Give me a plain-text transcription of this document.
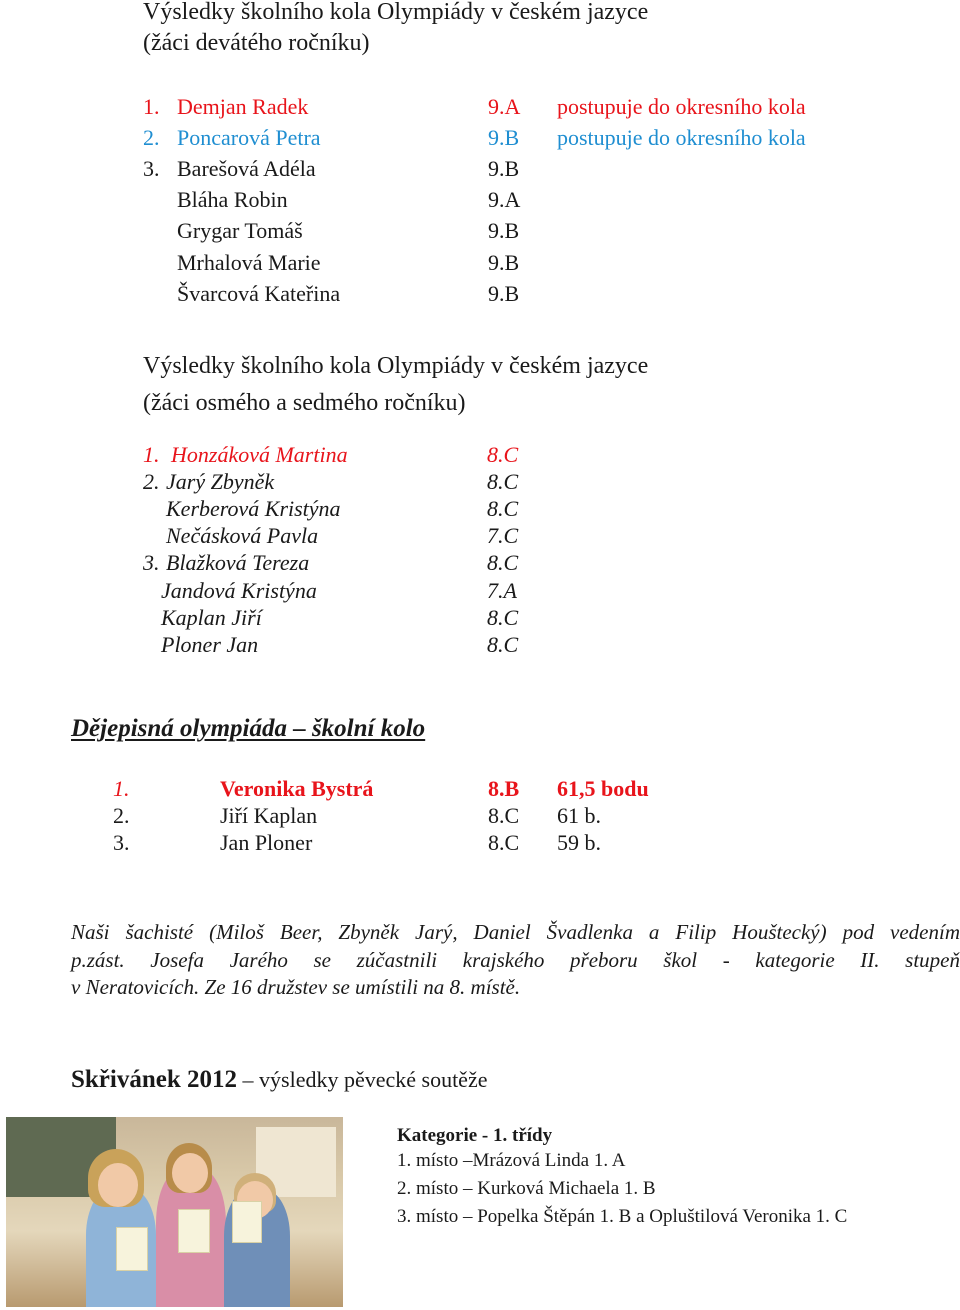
Výsledky školního kola Olympiády v českém jazyce
(žáci devátého ročníku)
1. Demjan Radek	9.A postupuje do okresního kola
2. Poncarová Petra	9.B postupuje do okresního kola
3. Barešová Adéla	9.B
Bláha Robin	9.A
Grygar Tomáš	9.B
Mrhalová Marie	9.B
Švarcová Kateřina	9.B
Výsledky školního kola Olympiády v českém jazyce
(žáci osmého a sedmého ročníku)
1. Honzáková Martina	8.C
2. Jarý Zbyněk	8.C
Kerberová Kristýna	8.C
Nečásková Pavla	7.C
3. Blažková Tereza	8.C
Jandová Kristýna	7.A
Kaplan Jiří	8.C
Ploner Jan	8.C
Dějepisná olympiáda – školní kolo
1.	Veronika Bystrá	8.B 61,5 bodu
2.	Jiří Kaplan	8.C 61 b.
3.	Jan Ploner	8.C 59 b.
Naši šachisté (Miloš Beer, Zbyněk Jarý, Daniel Švadlenka a Filip Houštecký) pod vedením
p.zást. Josefa Jarého se zúčastnili krajského přeboru škol - kategorie II. stupeň
v Neratovicích. Ze 16 družstev se umístili na 8. místě.
Skřivánek 2012 – výsledky pěvecké soutěže
Kategorie - 1. třídy
1. místo –Mrázová Linda 1. A
2. místo – Kurková Michaela 1. B
3. místo – Popelka Štěpán 1. B a Opluštilová Veronika 1. C
